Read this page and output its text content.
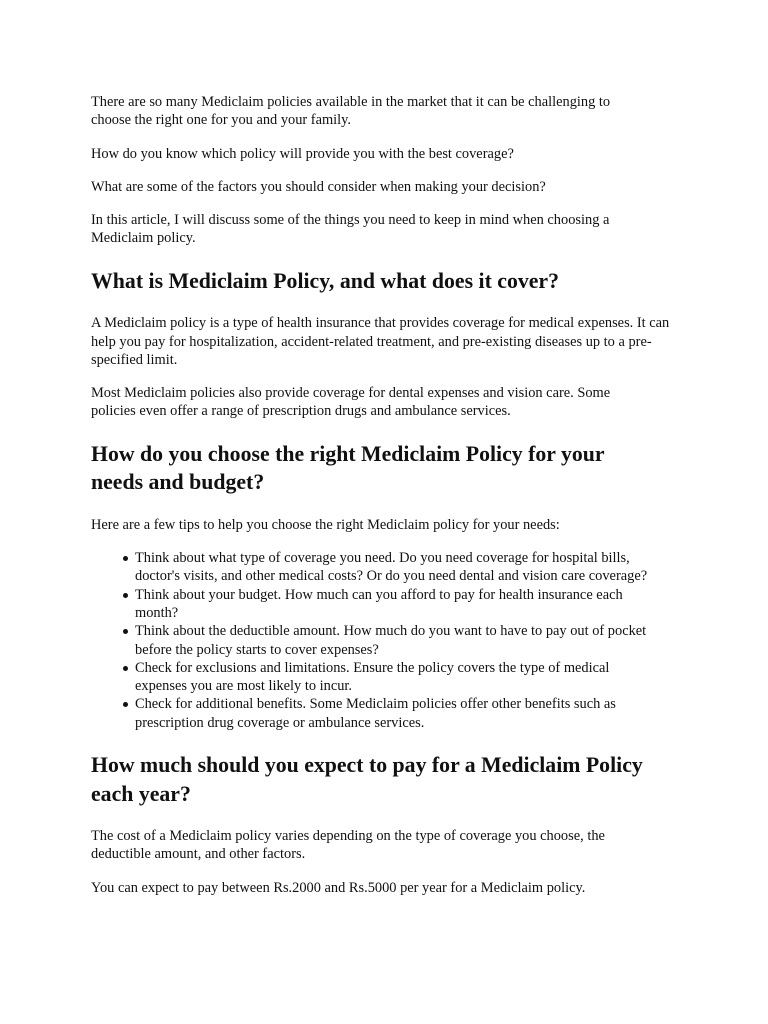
There are so many Mediclaim policies available in the market that it can be challenging to choose the right one for you and your family.

How do you know which policy will provide you with the best coverage?

What are some of the factors you should consider when making your decision?

In this article, I will discuss some of the things you need to keep in mind when choosing a Mediclaim policy.

What is Mediclaim Policy, and what does it cover?

A Mediclaim policy is a type of health insurance that provides coverage for medical expenses. It can help you pay for hospitalization, accident-related treatment, and pre-existing diseases up to a pre-specified limit.

Most Mediclaim policies also provide coverage for dental expenses and vision care. Some policies even offer a range of prescription drugs and ambulance services.

How do you choose the right Mediclaim Policy for your needs and budget?

Here are a few tips to help you choose the right Mediclaim policy for your needs:

Think about what type of coverage you need. Do you need coverage for hospital bills, doctor's visits, and other medical costs? Or do you need dental and vision care coverage?
Think about your budget. How much can you afford to pay for health insurance each month?
Think about the deductible amount. How much do you want to have to pay out of pocket before the policy starts to cover expenses?
Check for exclusions and limitations. Ensure the policy covers the type of medical expenses you are most likely to incur.
Check for additional benefits. Some Mediclaim policies offer other benefits such as prescription drug coverage or ambulance services.
How much should you expect to pay for a Mediclaim Policy each year?

The cost of a Mediclaim policy varies depending on the type of coverage you choose, the deductible amount, and other factors.

You can expect to pay between Rs.2000 and Rs.5000 per year for a Mediclaim policy.
